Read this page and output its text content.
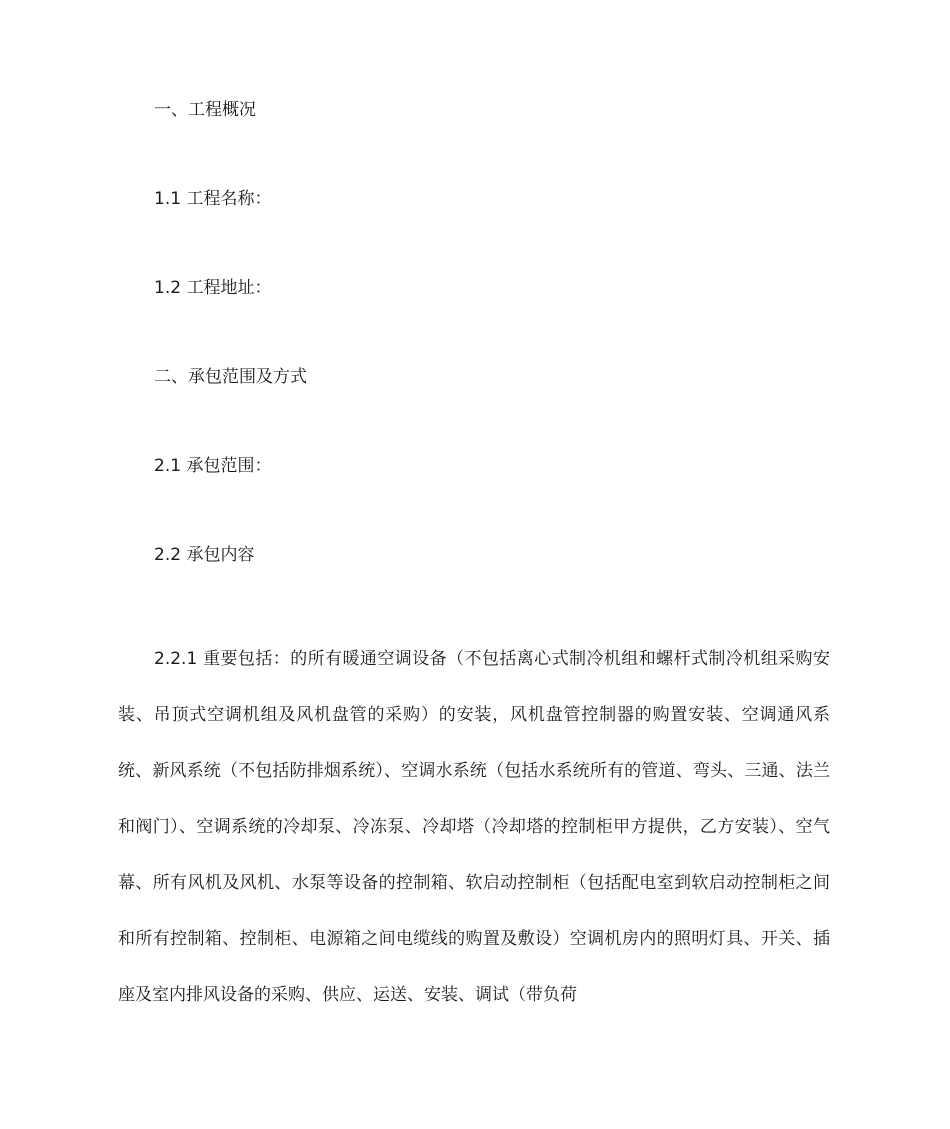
一、工程概况
1.1 工程名称：
1.2 工程地址：
二、承包范围及方式
2.1 承包范围：
2.2 承包内容

2.2.1 重要包括：的所有暖通空调设备（不包括离心式制冷机组和螺杆式制冷机组采购安装、吊顶式空调机组及风机盘管的采购）的安装，风机盘管控制器的购置安装、空调通风系统、新风系统（不包括防排烟系统）、空调水系统（包括水系统所有的管道、弯头、三通、法兰和阀门）、空调系统的冷却泵、冷冻泵、冷却塔（冷却塔的控制柜甲方提供，乙方安装）、空气幕、所有风机及风机、水泵等设备的控制箱、软启动控制柜（包括配电室到软启动控制柜之间和所有控制箱、控制柜、电源箱之间电缆线的购置及敷设）空调机房内的照明灯具、开关、插座及室内排风设备的采购、供应、运送、安装、调试（带负荷
